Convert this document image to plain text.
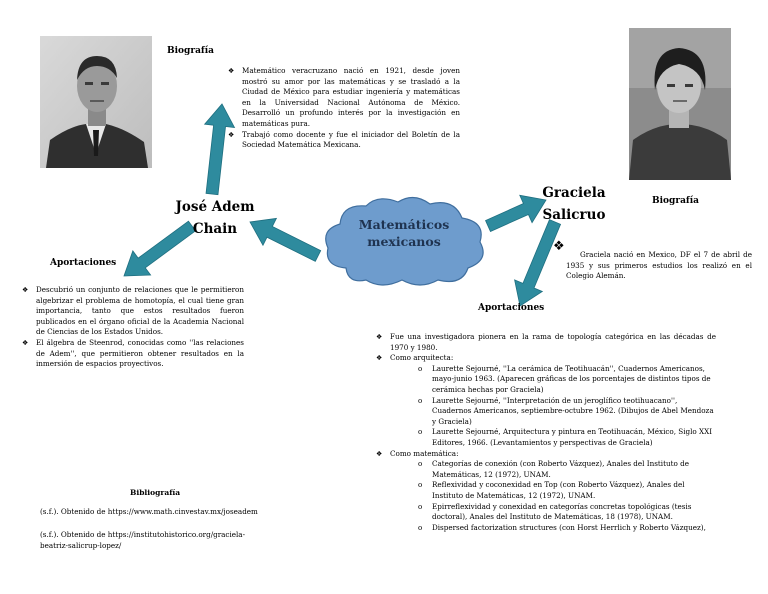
Matemáticos
mexicanos
José Adem
Chain
Biografía
❖ Matemático veracruzano nació en 1921, desde joven mostró su amor por las matemáticas y se trasladó a la Ciudad de México para estudiar ingeniería y matemáticas en la Universidad Nacional Autónoma de México. Desarrolló un profundo interés por la investigación en matemáticas pura.
❖ Trabajó como docente y fue el iniciador del Boletín de la Sociedad Matemática Mexicana.
Aportaciones
❖ Descubrió un conjunto de relaciones que le permitieron algebrizar el problema de homotopía, el cual tiene gran importancia, tanto que estos resultados fueron publicados en el órgano oficial de la Academia Nacional de Ciencias de los Estados Unidos.
❖ El álgebra de Steenrod, conocidas como ''las relaciones de Adem'', que permitieron obtener resultados en la inmersión de espacios proyectivos.
Graciela
Salicruo
Biografía
❖
Graciela nació en Mexico, DF el 7 de abril de 1935 y sus primeros estudios los realizó en el Colegio Alemán.
Aportaciones
❖ Fue una investigadora pionera en la rama de topología categórica en las décadas de 1970 y 1980.
❖ Como arquitecta:
o Laurette Sejourné, ''La cerámica de Teotihuacán'', Cuadernos Americanos, mayo-junio 1963. (Aparecen gráficas de los porcentajes de distintos tipos de cerámica hechas por Graciela)
o Laurette Sejourné, ''Interpretación de un jeroglífico teotihuacano'', Cuadernos Americanos, septiembre-octubre 1962. (Dibujos de Abel Mendoza y Graciela)
o Laurette Sejourné, Arquitectura y pintura en Teotihuacán, México, Siglo XXI Editores, 1966. (Levantamientos y perspectivas de Graciela)
❖ Como matemática:
o Categorías de conexión (con Roberto Vázquez), Anales del Instituto de Matemáticas, 12 (1972), UNAM.
o Reflexividad y coconexidad en Top (con Roberto Vázquez), Anales del Instituto de Matemáticas, 12 (1972), UNAM.
o Epirreflexividad y conexidad en categorías concretas topológicas (tesis doctoral), Anales del Instituto de Matemáticas, 18 (1978), UNAM.
o Dispersed factorization structures (con Horst Herrlich y Roberto Vázquez),
Bibliografía
(s.f.). Obtenido de https://www.math.cinvestav.mx/joseadem
(s.f.). Obtenido de https://institutohistorico.org/graciela-beatriz-salicrup-lopez/
